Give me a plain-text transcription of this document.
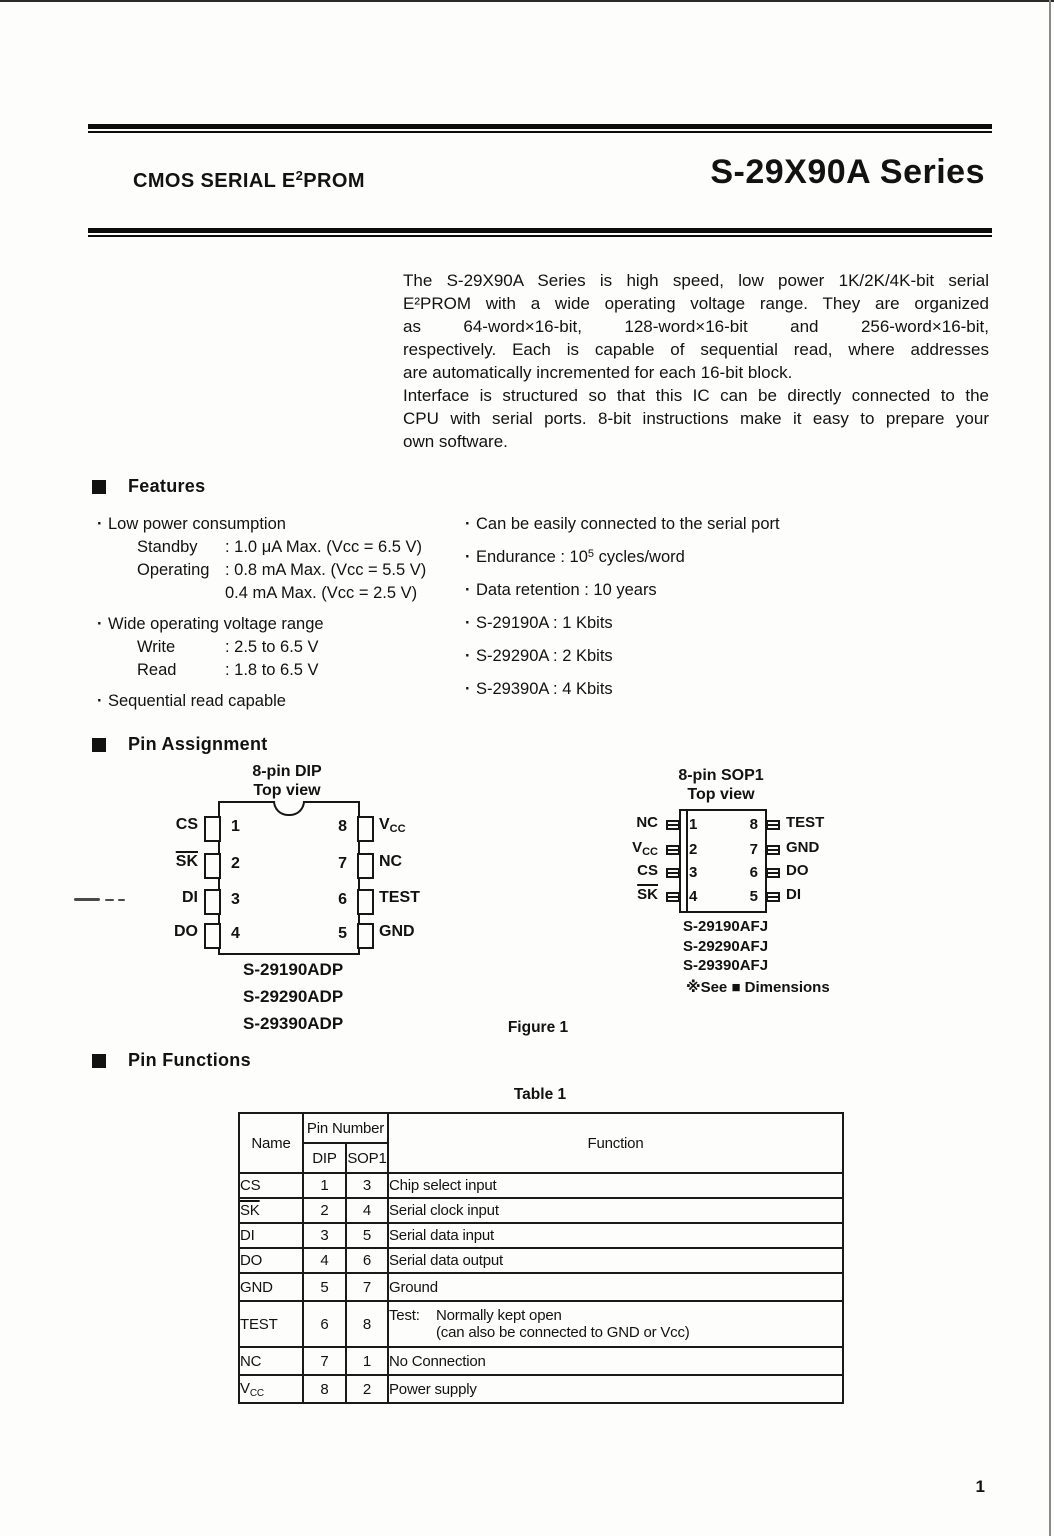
CMOS SERIAL $E^2PROM$	S-29X90A Series
The S-29X90A Series is high speed, low power 1K/2K/4K-bit serial
E²PROM with a wide operating voltage range. They are organized
as 64-word×16-bit, 128-word×16-bit and 256-word×16-bit,
respectively. Each is capable of sequential read, where addresses
are automatically incremented for each 16-bit block.
Interface is structured so that this IC can be directly connected to the
CPU with serial ports. 8-bit instructions make it easy to prepare your
own software.
Features
· Low power consumption
Standby	: 1.0 μA Max. (Vcc = 6.5 V)
Operating : 0.8 mA Max. (Vcc = 5.5 V)
0.4 mA Max. (Vcc = 2.5 V)
· Wide operating voltage range
Write	: 2.5 to 6.5 V
Read	: 1.8 to 6.5 V
· Sequential read capable
· Can be easily connected to the serial port
· Endurance : $10^5$ cycles/word
· Data retention : 10 years
· S-29190A : 1 Kbits
· S-29290A : 2 Kbits
· S-29390A : 4 Kbits
Pin Assignment
8-pin DIP
Top view
1
2
3
4
8
7
6
5
CS
$\overline{SK}$
DI
DO
VCC
NC
TEST
GND
S-29190ADP
S-29290ADP
S-29390ADP
8-pin SOP1
Top view
1
2
3
4
8
7
6
5
NC
$V_{CC}$
CS
$\overline{SK}$
TEST
GND
DO
DI
S-29190AFJ
S-29290AFJ
S-29390AFJ
※See ■ Dimensions
Figure 1
Pin Functions
Table 1
Name	Pin Number		Function
	DIP	SOP1	
CS	1	3	Chip select input
$\overline{SK}$	2	4	Serial clock input
DI	3	5	Serial data input
DO	4	6	Serial data output
GND	5	7	Ground
TEST	6	8	Test: Normally kept open
(can also be connected to GND or Vcc)

NC	7	1	No Connection
$V_{CC}$	8	2	Power supply
1
